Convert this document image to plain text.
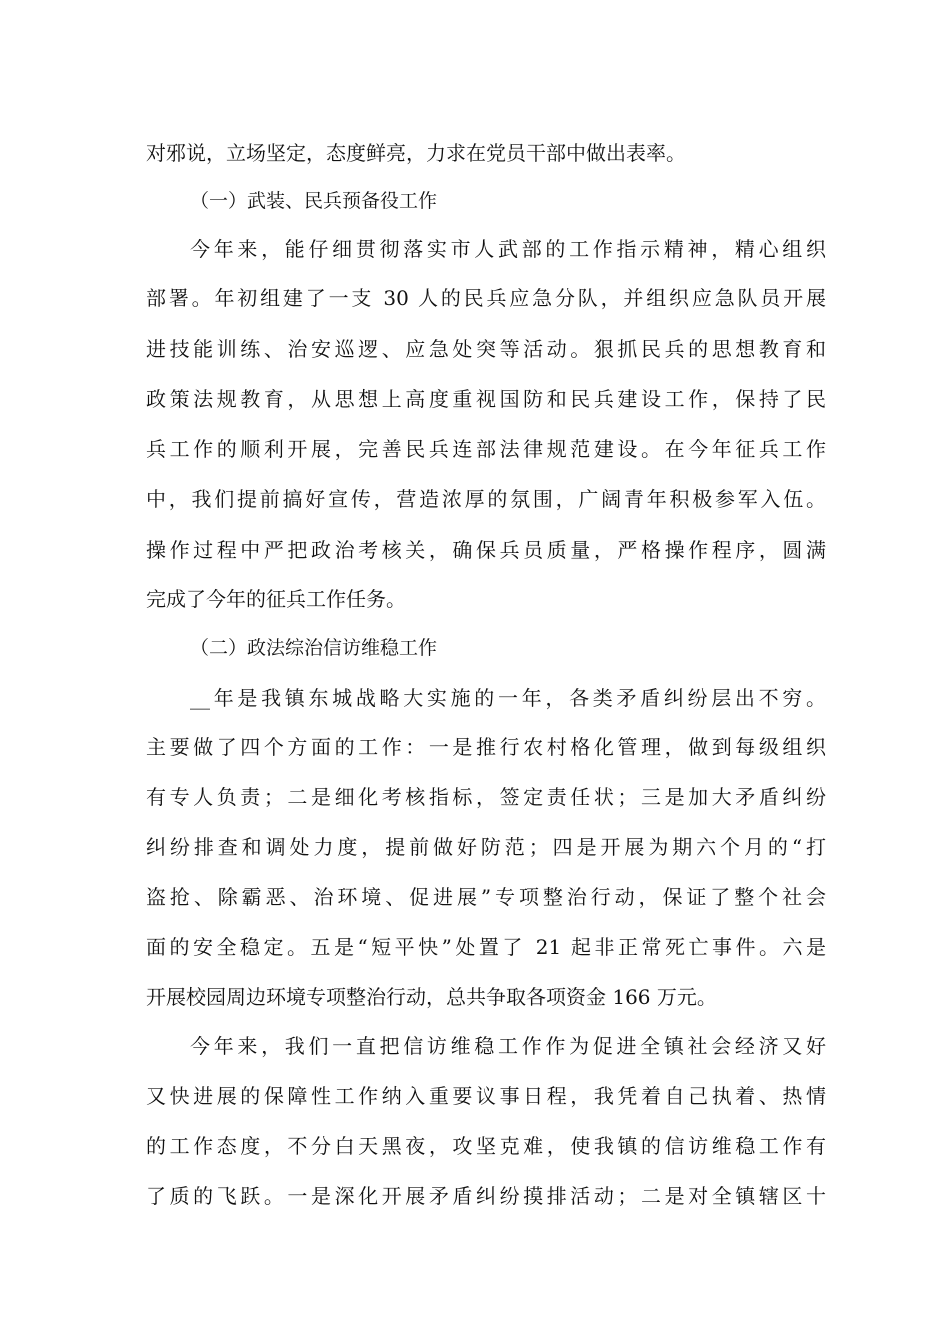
对邪说，立场坚定，态度鲜亮，力求在党员干部中做出表率。
（一）武装、民兵预备役工作
今年来，能仔细贯彻落实市人武部的工作指示精神，精心组织
部署。年初组建了一支 30 人的民兵应急分队，并组织应急队员开展
进技能训练、治安巡逻、应急处突等活动。狠抓民兵的思想教育和
政策法规教育，从思想上高度重视国防和民兵建设工作，保持了民
兵工作的顺利开展，完善民兵连部法律规范建设。在今年征兵工作
中，我们提前搞好宣传，营造浓厚的氛围，广阔青年积极参军入伍。
操作过程中严把政治考核关，确保兵员质量，严格操作程序，圆满
完成了今年的征兵工作任务。
（二）政法综治信访维稳工作
__年是我镇东城战略大实施的一年，各类矛盾纠纷层出不穷。
主要做了四个方面的工作：一是推行农村格化管理，做到每级组织
有专人负责；二是细化考核指标，签定责任状；三是加大矛盾纠纷
纠纷排查和调处力度，提前做好防范；四是开展为期六个月的“打
盗抢、除霸恶、治环境、促进展”专项整治行动，保证了整个社会
面的安全稳定。五是“短平快”处置了 21 起非正常死亡事件。六是
开展校园周边环境专项整治行动，总共争取各项资金 166 万元。
今年来，我们一直把信访维稳工作作为促进全镇社会经济又好
又快进展的保障性工作纳入重要议事日程，我凭着自己执着、热情
的工作态度，不分白天黑夜，攻坚克难，使我镇的信访维稳工作有
了质的飞跃。一是深化开展矛盾纠纷摸排活动；二是对全镇辖区十
